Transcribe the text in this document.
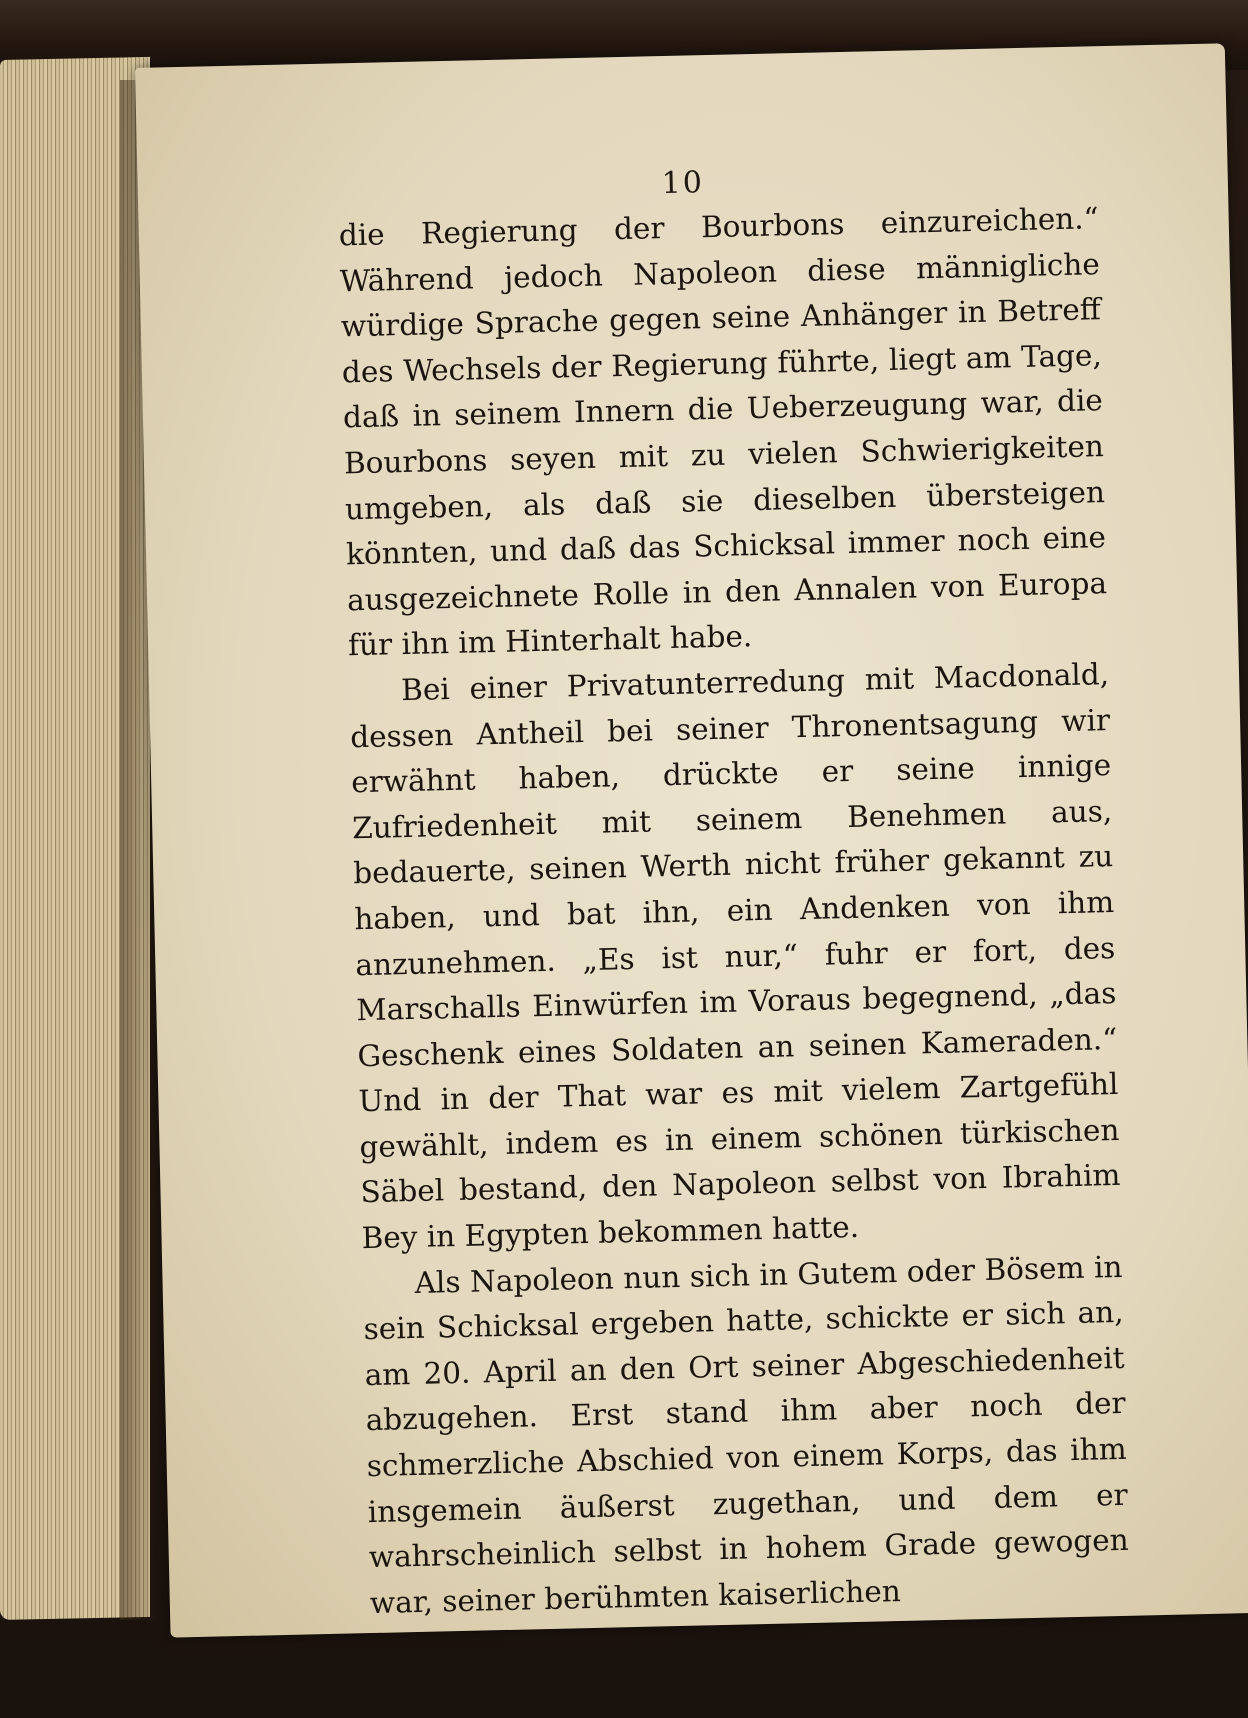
10

die Regierung der Bourbons einzureichen.“ Während jedoch Napoleon diese männigliche würdige Sprache gegen seine Anhänger in Betreff des Wechsels der Regierung führte, liegt am Tage, daß in seinem Innern die Ueberzeugung war, die Bourbons seyen mit zu vielen Schwierigkeiten umgeben, als daß sie dieselben übersteigen könnten, und daß das Schicksal immer noch eine ausgezeichnete Rolle in den Annalen von Europa für ihn im Hinterhalt habe.

Bei einer Privatunterredung mit Macdonald, dessen Antheil bei seiner Thronentsagung wir erwähnt haben, drückte er seine innige Zufriedenheit mit seinem Benehmen aus, bedauerte, seinen Werth nicht früher gekannt zu haben, und bat ihn, ein Andenken von ihm anzunehmen. „Es ist nur,“ fuhr er fort, des Marschalls Einwürfen im Voraus begegnend, „das Geschenk eines Soldaten an seinen Kameraden.“ Und in der That war es mit vielem Zartgefühl gewählt, indem es in einem schönen türkischen Säbel bestand, den Napoleon selbst von Ibrahim Bey in Egypten bekommen hatte.

Als Napoleon nun sich in Gutem oder Bösem in sein Schicksal ergeben hatte, schickte er sich an, am 20. April an den Ort seiner Abgeschiedenheit abzugehen. Erst stand ihm aber noch der schmerzliche Abschied von einem Korps, das ihm insgemein äußerst zugethan, und dem er wahrscheinlich selbst in hohem Grade gewogen war, seiner berühmten kaiserlichen
